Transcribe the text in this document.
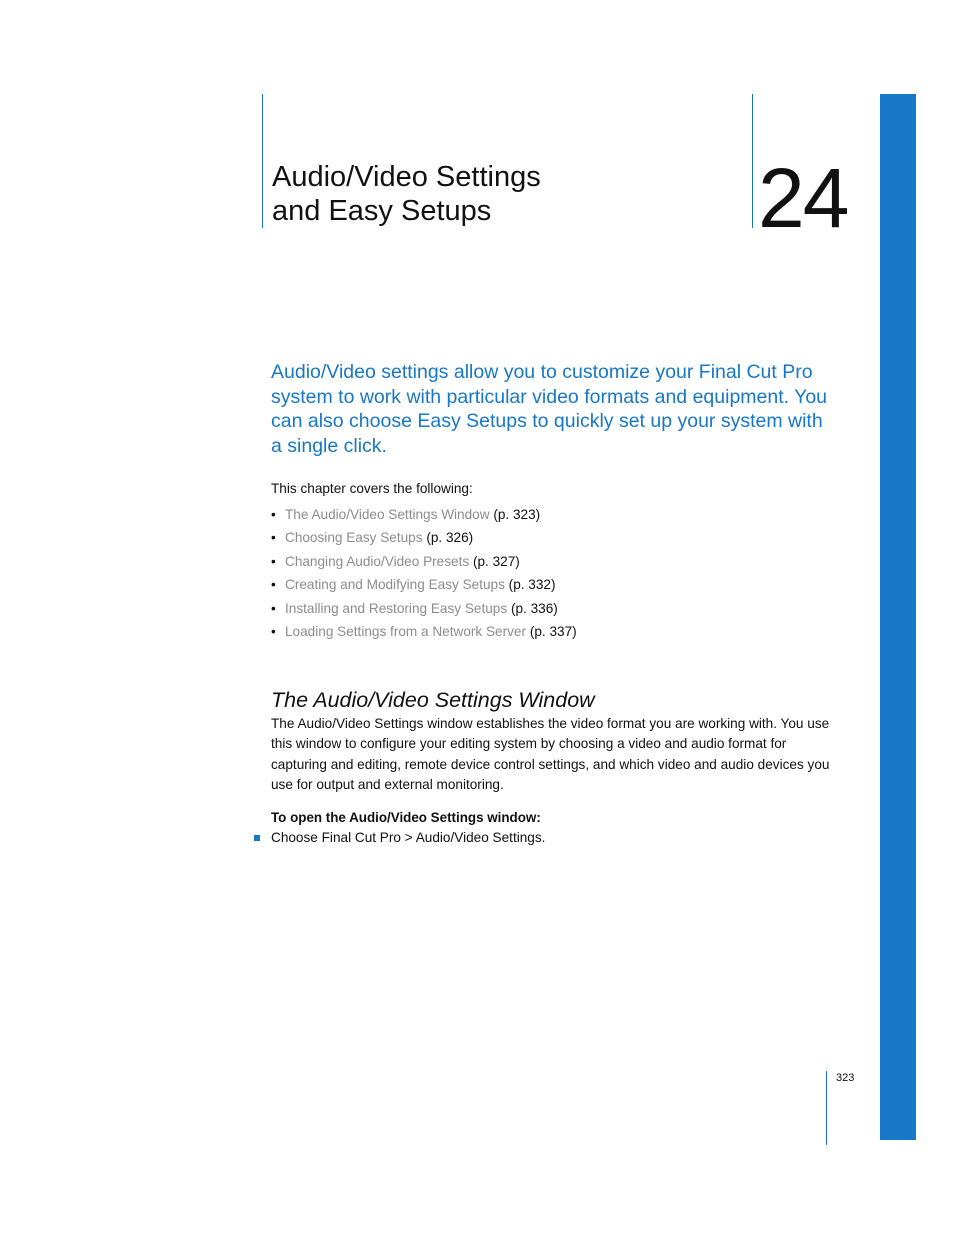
Audio/Video Settings
and Easy Setups	24

Audio/Video settings allow you to customize your Final Cut Pro system to work with particular video formats and equipment. You can also choose Easy Setups to quickly set up your system with a single click.

This chapter covers the following:
• The Audio/Video Settings Window (p. 323)
• Choosing Easy Setups (p. 326)
• Changing Audio/Video Presets (p. 327)
• Creating and Modifying Easy Setups (p. 332)
• Installing and Restoring Easy Setups (p. 336)
• Loading Settings from a Network Server (p. 337)
The Audio/Video Settings Window

The Audio/Video Settings window establishes the video format you are working with. You use this window to configure your editing system by choosing a video and audio format for capturing and editing, remote device control settings, and which video and audio devices you use for output and external monitoring.

To open the Audio/Video Settings window:
Choose Final Cut Pro > Audio/Video Settings.
323
